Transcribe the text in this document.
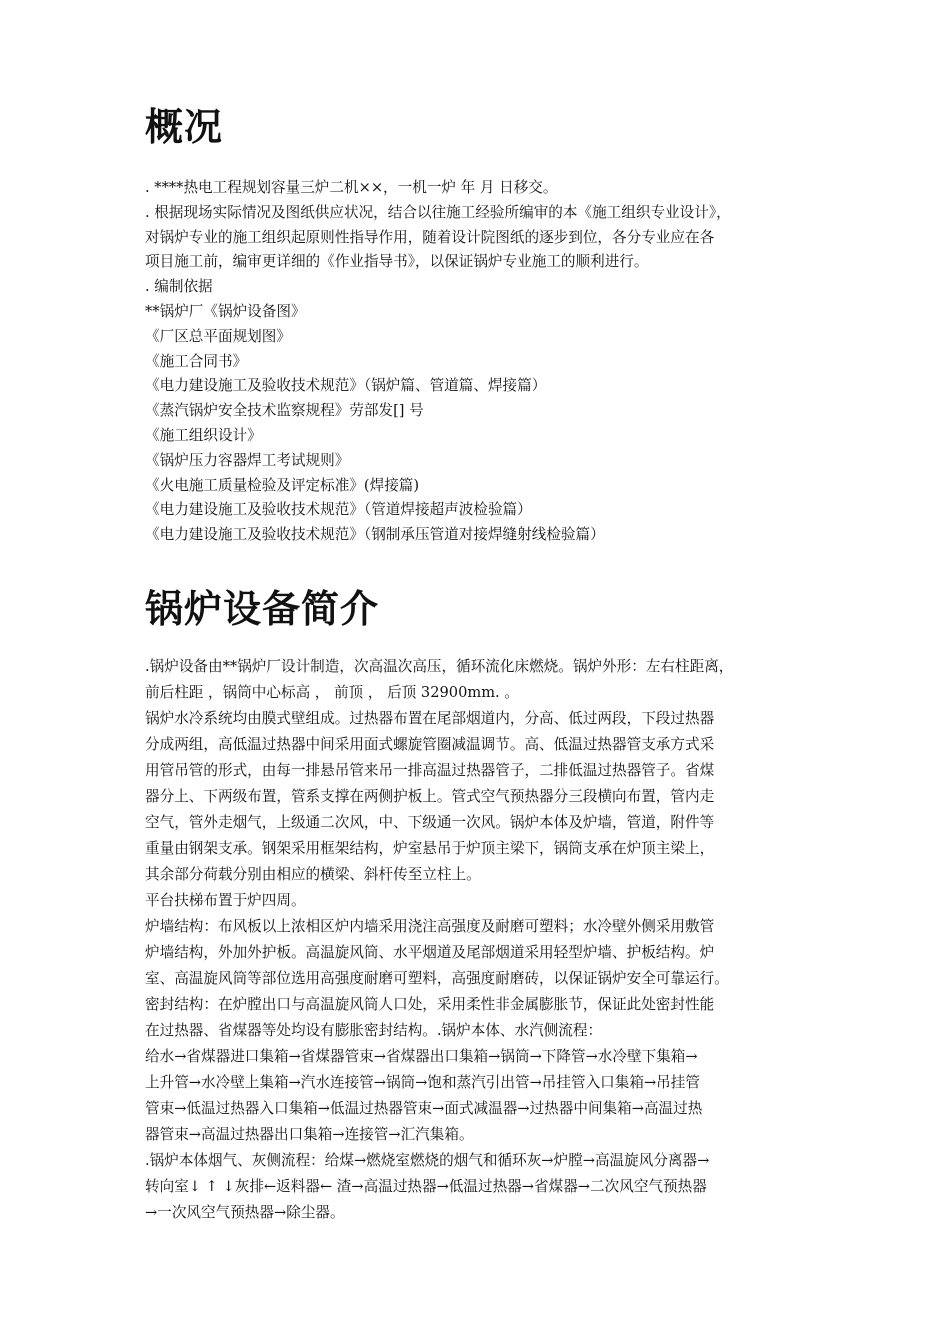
概况
. ****热电工程规划容量三炉二机××，一机一炉 年 月 日移交。
. 根据现场实际情况及图纸供应状况，结合以往施工经验所编审的本《施工组织专业设计》，
对锅炉专业的施工组织起原则性指导作用，随着设计院图纸的逐步到位，各分专业应在各
项目施工前，编审更详细的《作业指导书》，以保证锅炉专业施工的顺利进行。
. 编制依据
**锅炉厂《锅炉设备图》
《厂区总平面规划图》
《施工合同书》
《电力建设施工及验收技术规范》（锅炉篇、管道篇、焊接篇）
《蒸汽锅炉安全技术监察规程》劳部发[] 号
《施工组织设计》
《锅炉压力容器焊工考试规则》
《火电施工质量检验及评定标准》(焊接篇)
《电力建设施工及验收技术规范》（管道焊接超声波检验篇）
《电力建设施工及验收技术规范》（钢制承压管道对接焊缝射线检验篇）
锅炉设备简介
.锅炉设备由**锅炉厂设计制造，次高温次高压，循环流化床燃烧。锅炉外形：左右柱距离，
前后柱距 ，锅筒中心标高 ， 前顶 ， 后顶 32900mm. 。
锅炉水冷系统均由膜式壁组成。过热器布置在尾部烟道内，分高、低过两段，下段过热器
分成两组，高低温过热器中间采用面式螺旋管圈减温调节。高、低温过热器管支承方式采
用管吊管的形式，由每一排悬吊管来吊一排高温过热器管子，二排低温过热器管子。省煤
器分上、下两级布置，管系支撑在两侧护板上。管式空气预热器分三段横向布置，管内走
空气，管外走烟气，上级通二次风，中、下级通一次风。锅炉本体及炉墙，管道，附件等
重量由钢架支承。钢架采用框架结构，炉室悬吊于炉顶主梁下，锅筒支承在炉顶主梁上，
其余部分荷载分别由相应的横梁、斜杆传至立柱上。
平台扶梯布置于炉四周。
炉墙结构：布风板以上浓相区炉内墙采用浇注高强度及耐磨可塑料；水冷壁外侧采用敷管
炉墙结构，外加外护板。高温旋风筒、水平烟道及尾部烟道采用轻型炉墙、护板结构。炉
室、高温旋风筒等部位选用高强度耐磨可塑料，高强度耐磨砖，以保证锅炉安全可靠运行。
密封结构：在炉膛出口与高温旋风筒人口处，采用柔性非金属膨胀节，保证此处密封性能
在过热器、省煤器等处均设有膨胀密封结构。.锅炉本体、水汽侧流程：
给水→省煤器进口集箱→省煤器管束→省煤器出口集箱→锅筒→下降管→水冷壁下集箱→
上升管→水冷壁上集箱→汽水连接管→锅筒→饱和蒸汽引出管→吊挂管入口集箱→吊挂管
管束→低温过热器入口集箱→低温过热器管束→面式减温器→过热器中间集箱→高温过热
器管束→高温过热器出口集箱→连接管→汇汽集箱。
.锅炉本体烟气、灰侧流程：给煤→燃烧室燃烧的烟气和循环灰→炉膛→高温旋风分离器→
转向室↓ ↑ ↓灰排←返料器← 渣→高温过热器→低温过热器→省煤器→二次风空气预热器
→一次风空气预热器→除尘器。
